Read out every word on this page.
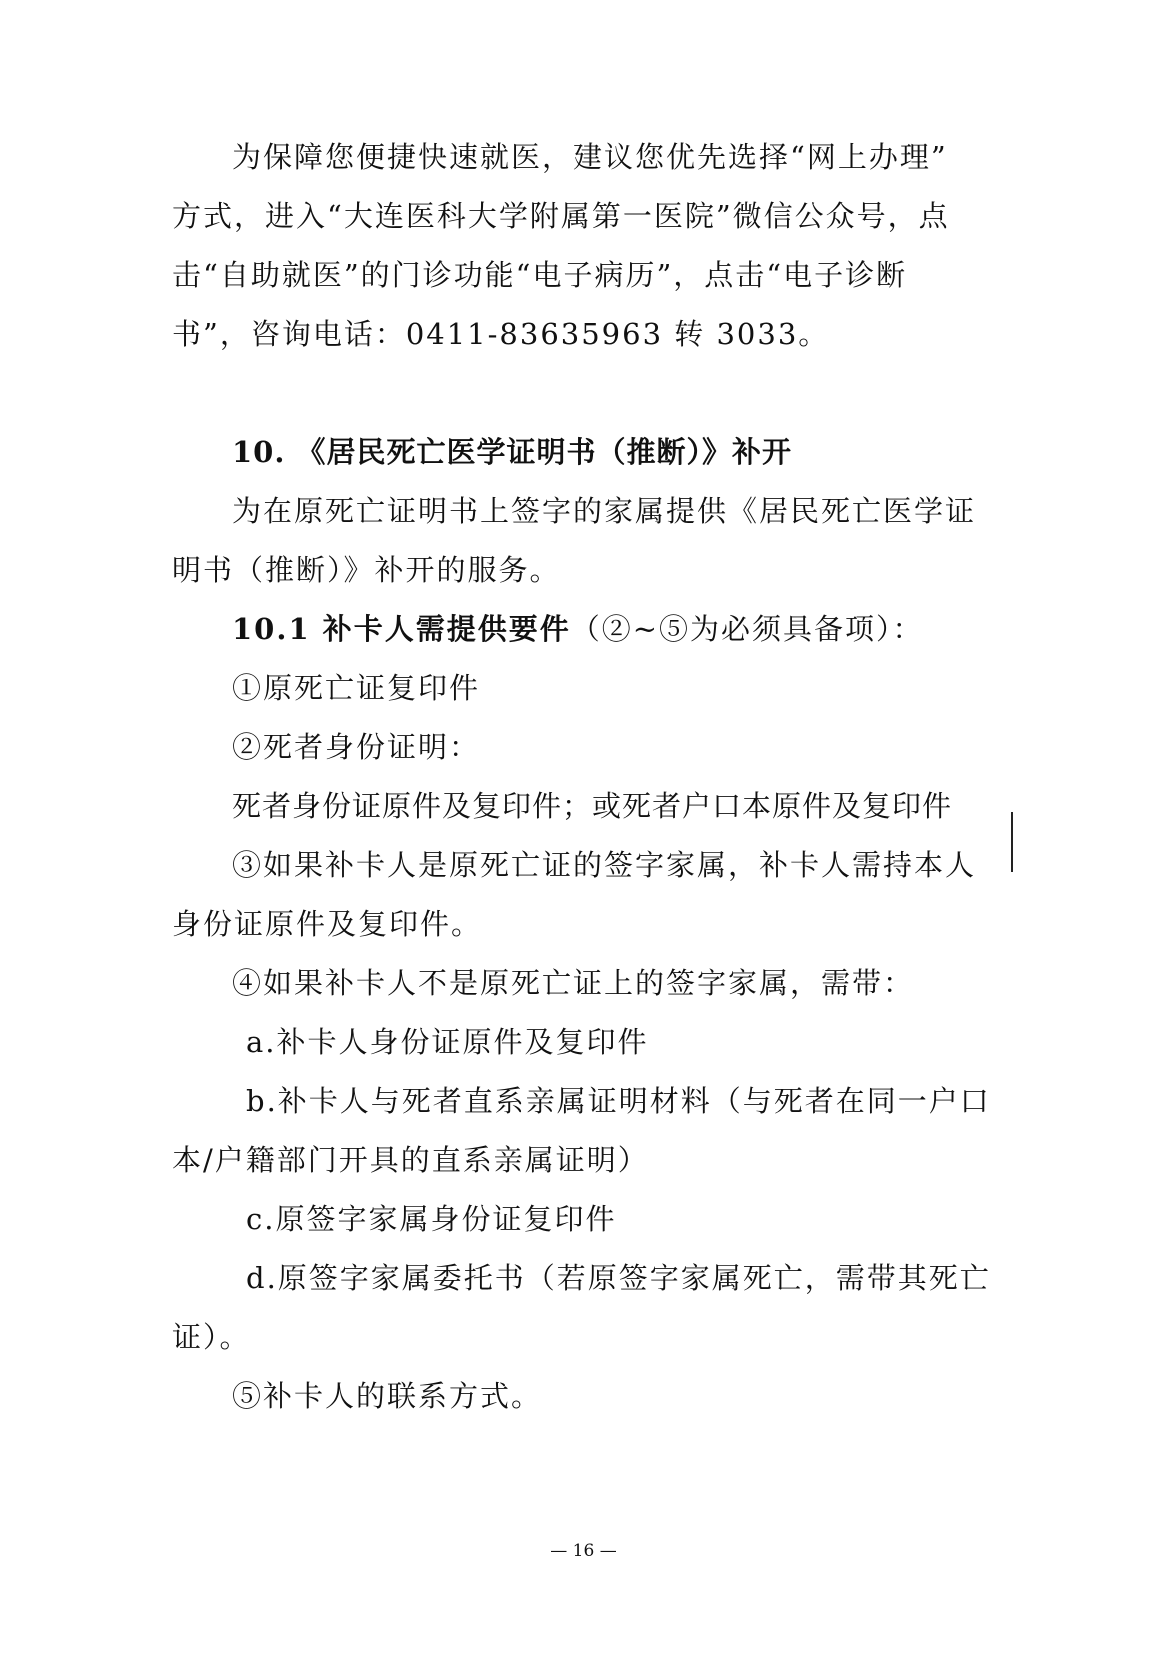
为保障您便捷快速就医，建议您优先选择“网上办理”
方式，进入“大连医科大学附属第一医院”微信公众号，点
击“自助就医”的门诊功能“电子病历”，点击“电子诊断
书”，咨询电话：0411-83635963 转 3033。
10. 《居民死亡医学证明书（推断）》补开
为在原死亡证明书上签字的家属提供《居民死亡医学证
明书（推断）》补开的服务。
10.1 补卡人需提供要件（②~⑤为必须具备项）：
①原死亡证复印件
②死者身份证明：
死者身份证原件及复印件；或死者户口本原件及复印件
③如果补卡人是原死亡证的签字家属，补卡人需持本人
身份证原件及复印件。
④如果补卡人不是原死亡证上的签字家属，需带：
a.补卡人身份证原件及复印件
b.补卡人与死者直系亲属证明材料（与死者在同一户口
本/户籍部门开具的直系亲属证明）
c.原签字家属身份证复印件
d.原签字家属委托书（若原签字家属死亡，需带其死亡
证）。
⑤补卡人的联系方式。
— 16 —
